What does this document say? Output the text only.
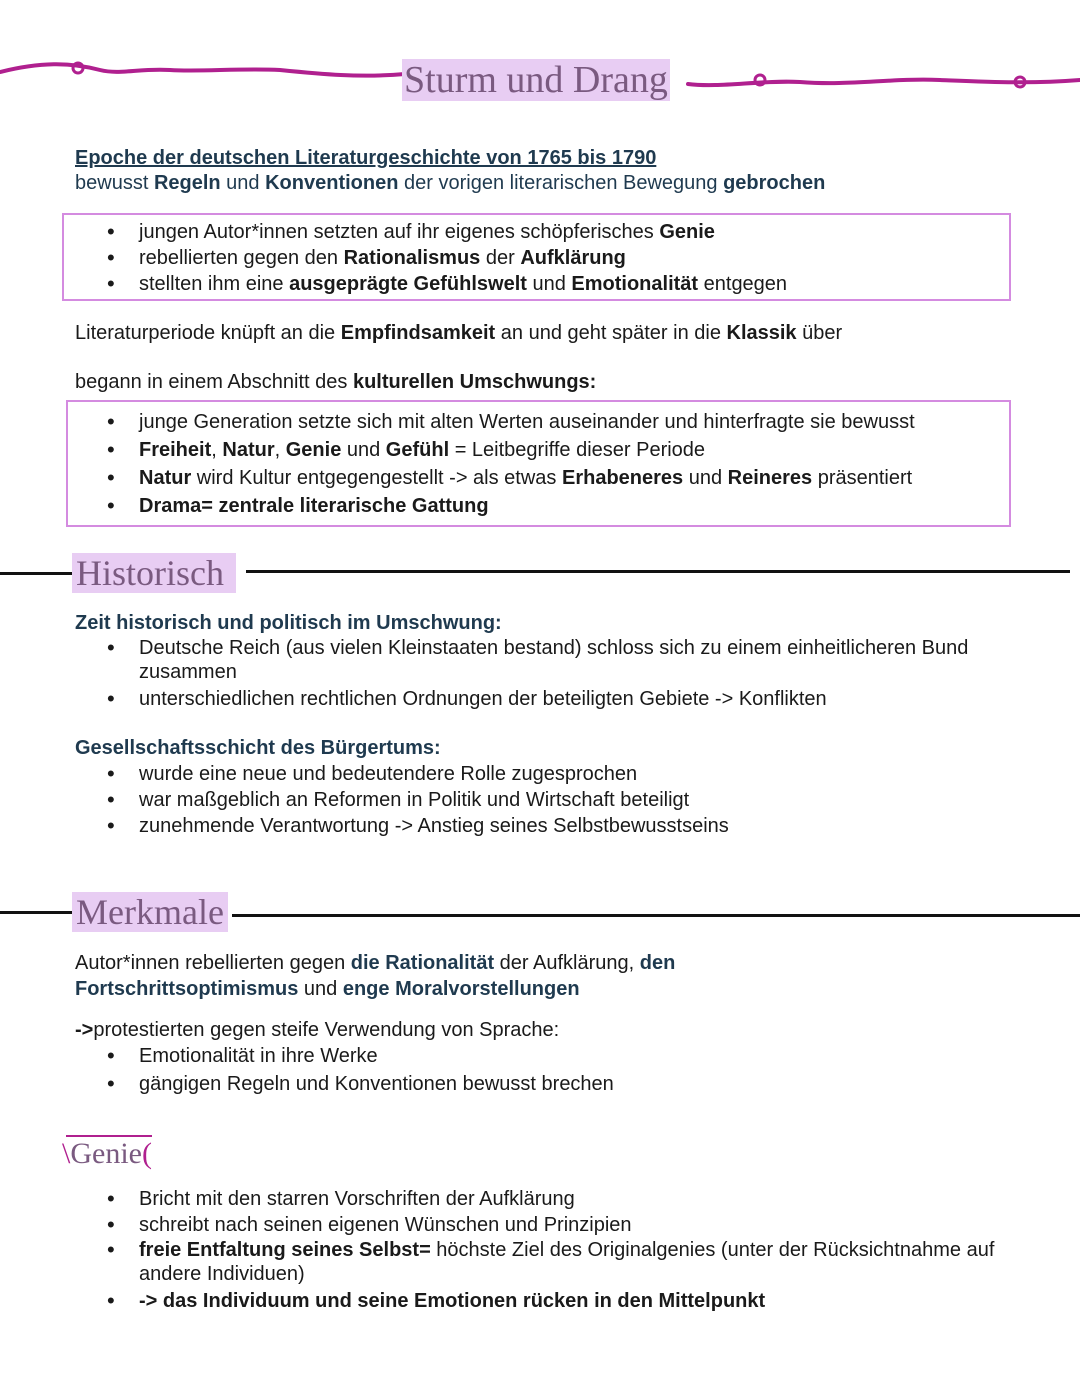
Sturm und Drang
Epoche der deutschen Literaturgeschichte von 1765 bis 1790
bewusst Regeln und Konventionen der vorigen literarischen Bewegung gebrochen
• jungen Autor*innen setzten auf ihr eigenes schöpferisches Genie
• rebellierten gegen den Rationalismus der Aufklärung
• stellten ihm eine ausgeprägte Gefühlswelt und Emotionalität entgegen
Literaturperiode knüpft an die Empfindsamkeit an und geht später in die Klassik über
begann in einem Abschnitt des kulturellen Umschwungs:
• junge Generation setzte sich mit alten Werten auseinander und hinterfragte sie bewusst
• Freiheit, Natur, Genie und Gefühl = Leitbegriffe dieser Periode
• Natur wird Kultur entgegengestellt -> als etwas Erhabeneres und Reineres präsentiert
• Drama= zentrale literarische Gattung
Historisch
Zeit historisch und politisch im Umschwung:
• Deutsche Reich (aus vielen Kleinstaaten bestand) schloss sich zu einem einheitlicheren Bund zusammen
• unterschiedlichen rechtlichen Ordnungen der beteiligten Gebiete -> Konflikten
Gesellschaftsschicht des Bürgertums:
• wurde eine neue und bedeutendere Rolle zugesprochen
• war maßgeblich an Reformen in Politik und Wirtschaft beteiligt
• zunehmende Verantwortung -> Anstieg seines Selbstbewusstseins
Merkmale
Autor*innen rebellierten gegen die Rationalität der Aufklärung, den
Fortschrittsoptimismus und enge Moralvorstellungen
->protestierten gegen steife Verwendung von Sprache:
• Emotionalität in ihre Werke
• gängigen Regeln und Konventionen bewusst brechen
\Genie(
• Bricht mit den starren Vorschriften der Aufklärung
• schreibt nach seinen eigenen Wünschen und Prinzipien
• freie Entfaltung seines Selbst= höchste Ziel des Originalgenies (unter der Rücksichtnahme auf andere Individuen)
• -> das Individuum und seine Emotionen rücken in den Mittelpunkt
